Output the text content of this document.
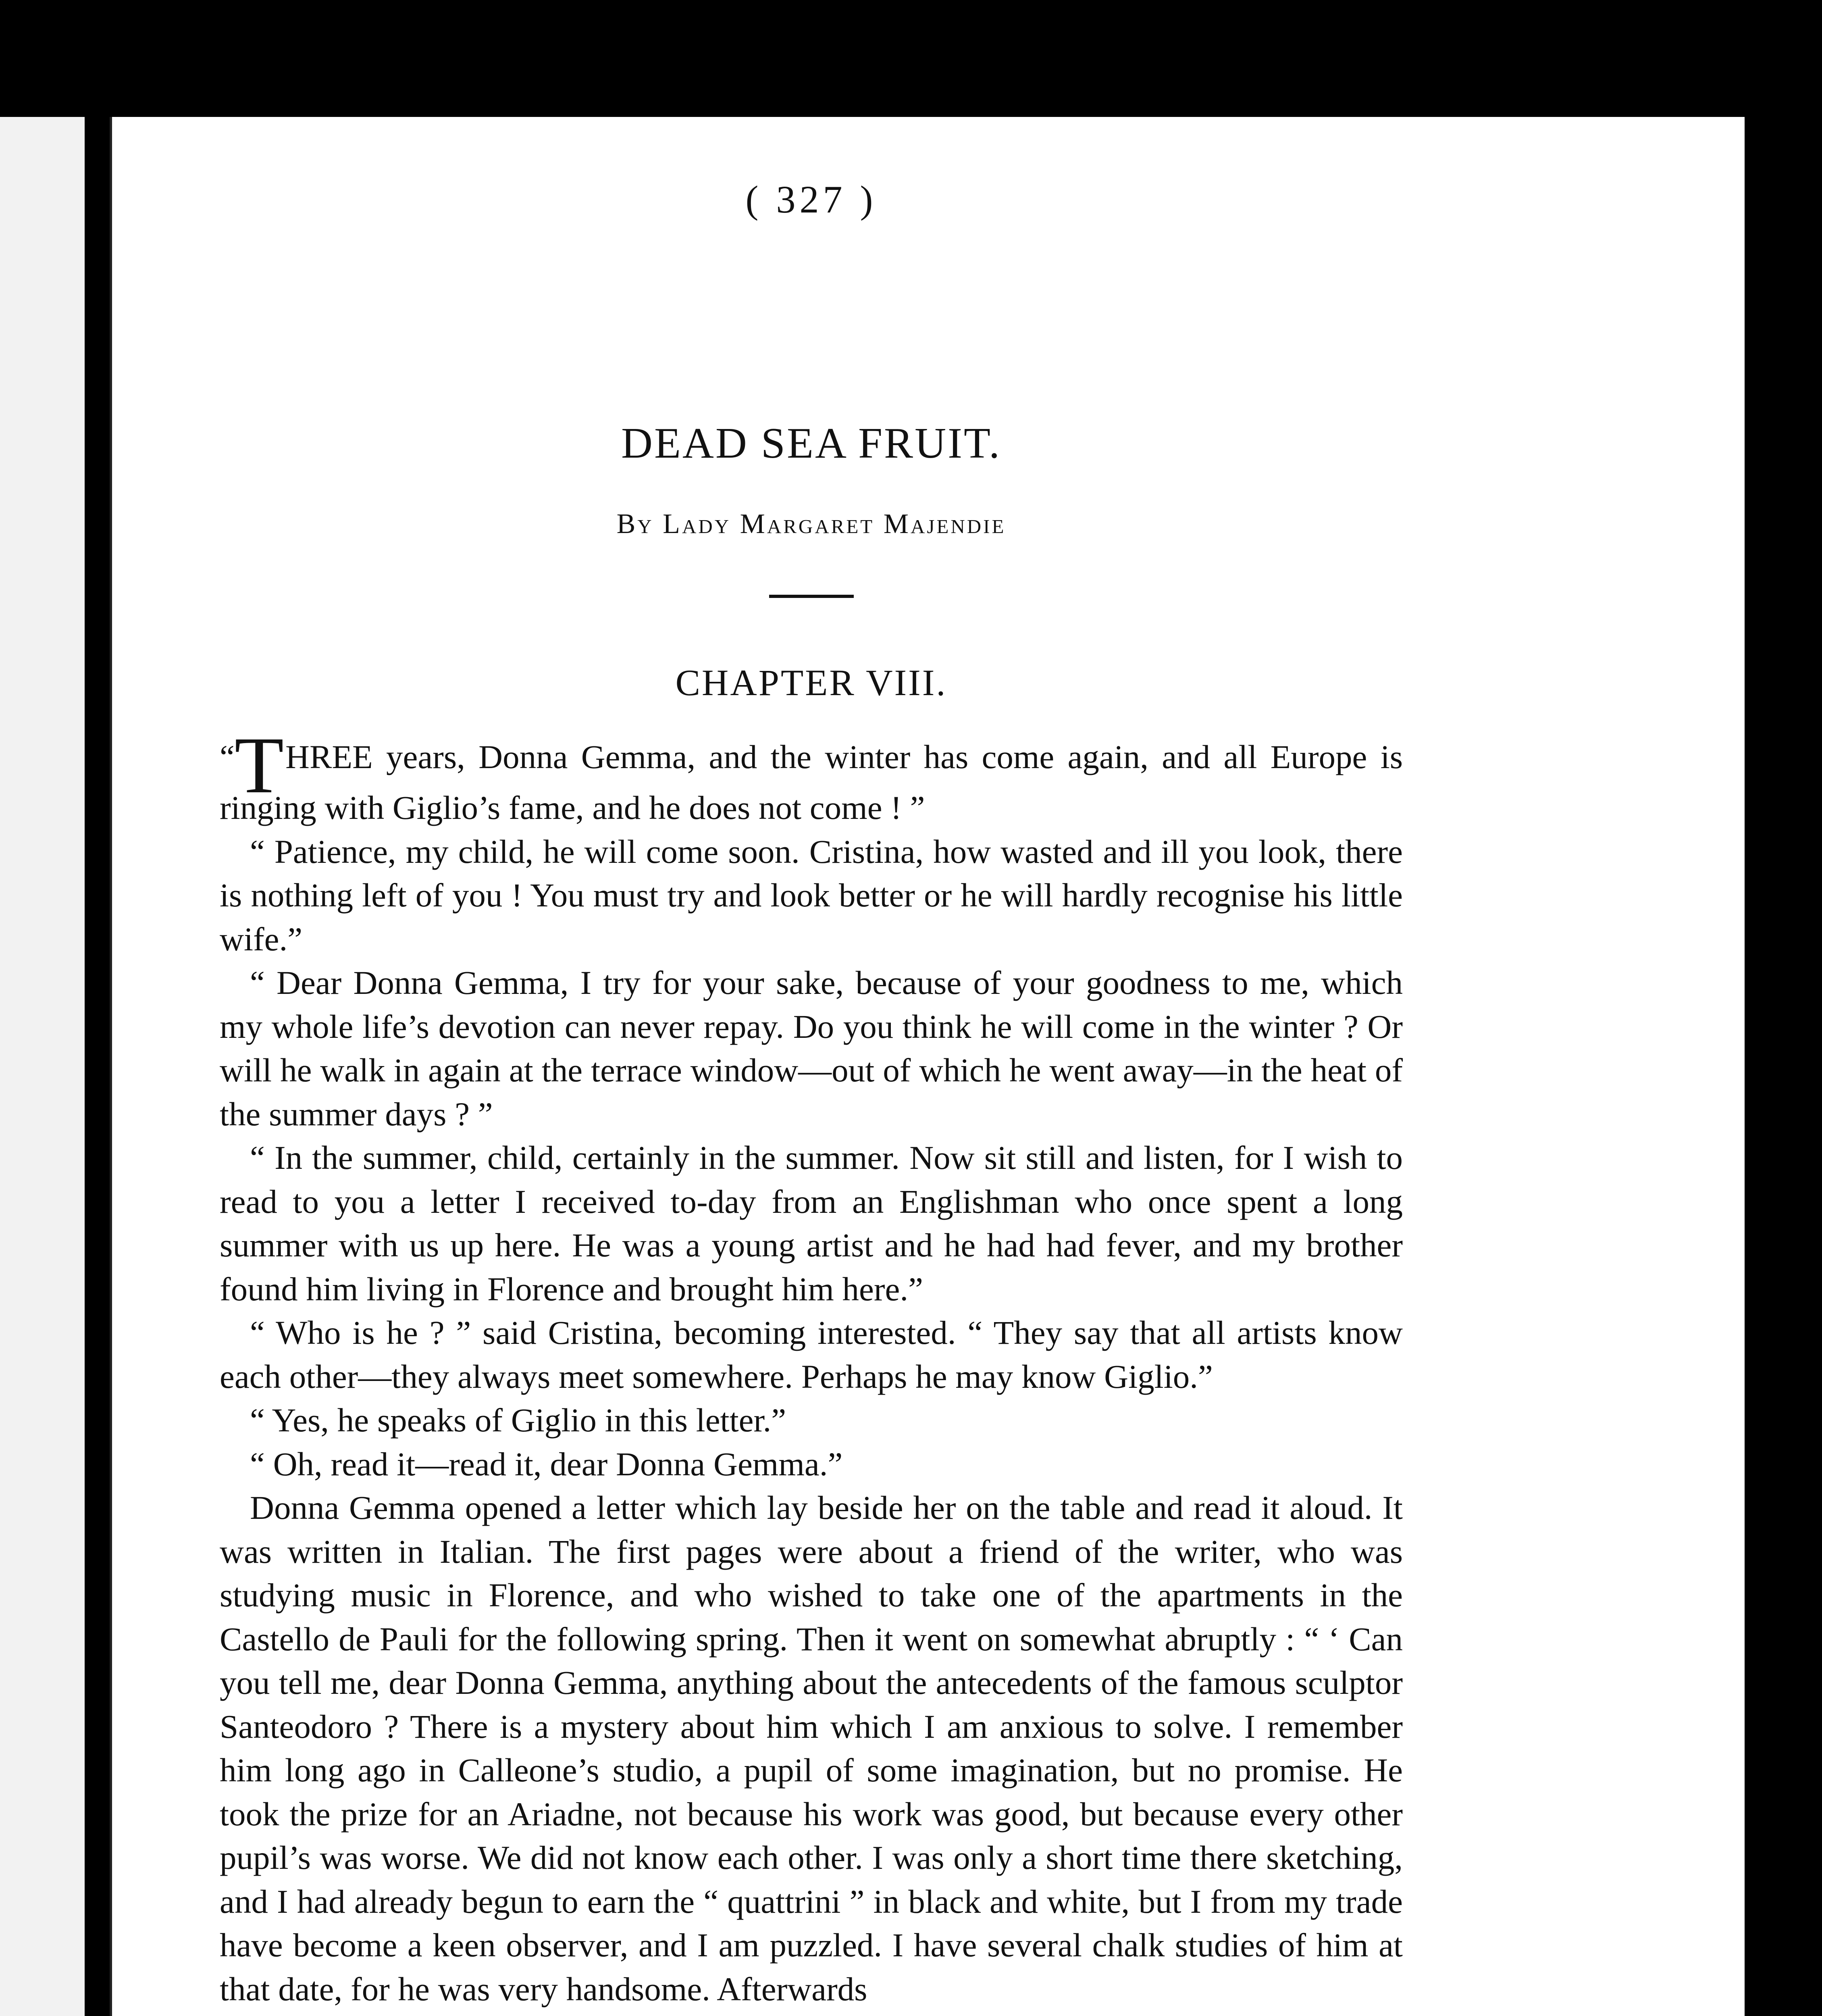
( 327 )

DEAD SEA FRUIT.

By Lady Margaret Majendie

CHAPTER VIII.

“THREE years, Donna Gemma, and the winter has come again, and all Europe is ringing with Giglio’s fame, and he does not come ! ”

“ Patience, my child, he will come soon. Cristina, how wasted and ill you look, there is nothing left of you ! You must try and look better or he will hardly recognise his little wife.”

“ Dear Donna Gemma, I try for your sake, because of your goodness to me, which my whole life’s devotion can never repay. Do you think he will come in the winter ? Or will he walk in again at the terrace window—out of which he went away—in the heat of the summer days ? ”

“ In the summer, child, certainly in the summer. Now sit still and listen, for I wish to read to you a letter I received to-day from an Englishman who once spent a long summer with us up here. He was a young artist and he had had fever, and my brother found him living in Florence and brought him here.”

“ Who is he ? ” said Cristina, becoming interested. “ They say that all artists know each other—they always meet somewhere. Perhaps he may know Giglio.”

“ Yes, he speaks of Giglio in this letter.”

“ Oh, read it—read it, dear Donna Gemma.”

Donna Gemma opened a letter which lay beside her on the table and read it aloud. It was written in Italian. The first pages were about a friend of the writer, who was studying music in Florence, and who wished to take one of the apartments in the Castello de Pauli for the following spring. Then it went on somewhat abruptly : “ ‘ Can you tell me, dear Donna Gemma, anything about the antecedents of the famous sculptor Santeodoro ? There is a mystery about him which I am anxious to solve. I remember him long ago in Calleone’s studio, a pupil of some imagination, but no promise. He took the prize for an Ariadne, not because his work was good, but because every other pupil’s was worse. We did not know each other. I was only a short time there sketching, and I had already begun to earn the “ quattrini ” in black and white, but I from my trade have become a keen observer, and I am puzzled. I have several chalk studies of him at that date, for he was very handsome. Afterwards
